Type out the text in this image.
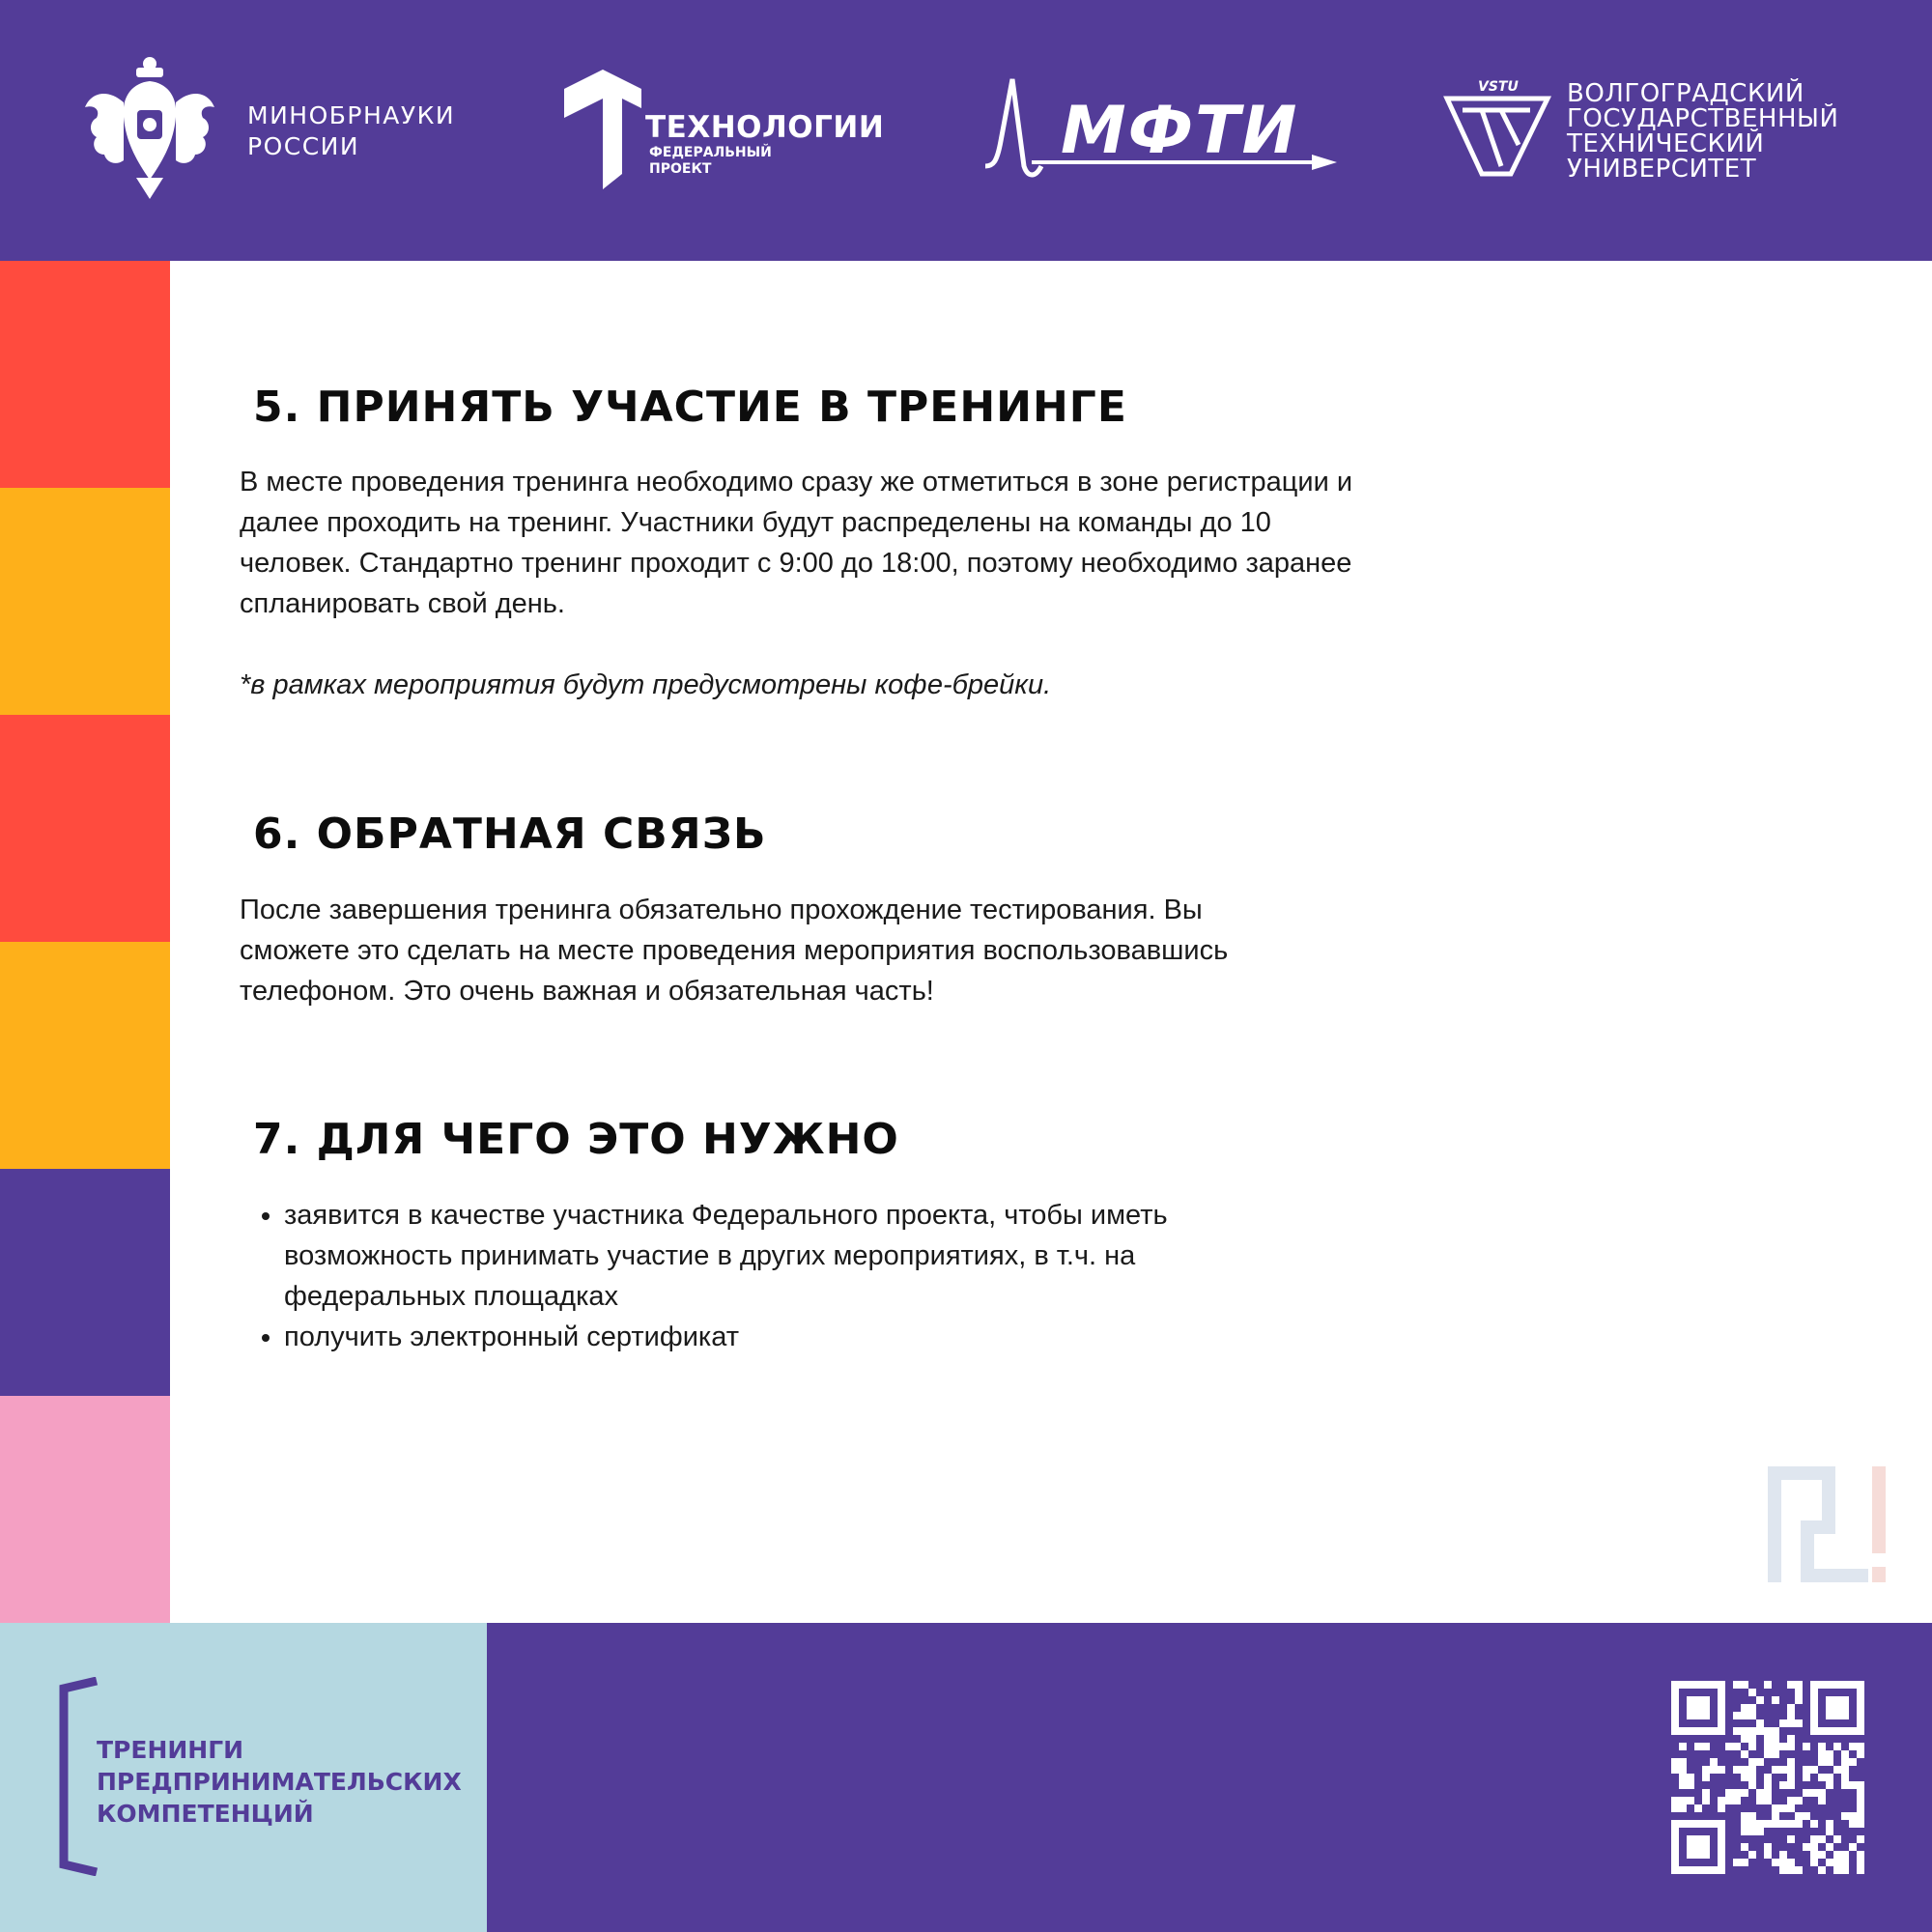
МИНОБРНАУКИ
РОССИИ
ТЕХНОЛОГИИ
ФЕДЕРАЛЬНЫЙ
ПРОЕКТ	МФТИ
VSTU ВОЛГОГРАДСКИЙ
ГОСУДАРСТВЕННЫЙ
ТЕХНИЧЕСКИЙ
УНИВЕРСИТЕТ
5. ПРИНЯТЬ УЧАСТИЕ В ТРЕНИНГЕ
В месте проведения тренинга необходимо сразу же отметиться в зоне регистрации и
далее проходить на тренинг. Участники будут распределены на команды до 10
человек. Стандартно тренинг проходит с 9:00 до 18:00, поэтому необходимо заранее
спланировать свой день.
*в рамках мероприятия будут предусмотрены кофе-брейки.
6. ОБРАТНАЯ СВЯЗЬ
После завершения тренинга обязательно прохождение тестирования. Вы
сможете это сделать на месте проведения мероприятия воспользовавшись
телефоном. Это очень важная и обязательная часть!
7. ДЛЯ ЧЕГО ЭТО НУЖНО
• заявится в качестве участника Федерального проекта, чтобы иметь
возможность принимать участие в других мероприятиях, в т.ч. на
федеральных площадках
• получить электронный сертификат
ТРЕНИНГИ
ПРЕДПРИНИМАТЕЛЬСКИХ
КОМПЕТЕНЦИЙ
